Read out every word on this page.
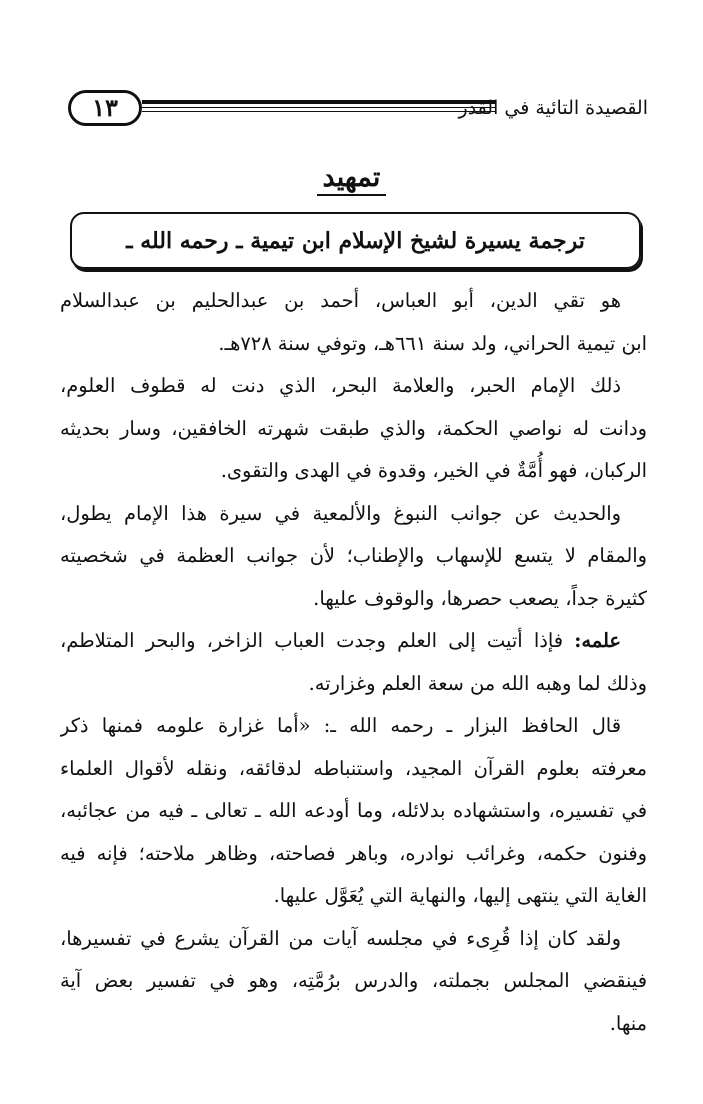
١٣	القصيدة التائية في القدر
تمهيد
ترجمة يسيرة لشيخ الإسلام ابن تيمية ـ رحمه الله ـ
هو تقي الدين، أبو العباس، أحمد بن عبدالحليم بن عبدالسلام
ابن تيمية الحراني، ولد سنة ٦٦١هـ، وتوفي سنة ٧٢٨هـ.
ذلك الإمام الحبر، والعلامة البحر، الذي دنت له قطوف العلوم،
ودانت له نواصي الحكمة، والذي طبقت شهرته الخافقين، وسار بحديثه
الركبان، فهو أُمَّةٌ في الخير، وقدوة في الهدى والتقوى.
والحديث عن جوانب النبوغ والألمعية في سيرة هذا الإمام يطول،
والمقام لا يتسع للإسهاب والإطناب؛ لأن جوانب العظمة في شخصيته
كثيرة جداً، يصعب حصرها، والوقوف عليها.
علمه: فإذا أتيت إلى العلم وجدت العباب الزاخر، والبحر المتلاطم،
وذلك لما وهبه الله من سعة العلم وغزارته.
قال الحافظ البزار ـ رحمه الله ـ: «أما غزارة علومه فمنها ذكر
معرفته بعلوم القرآن المجيد، واستنباطه لدقائقه، ونقله لأقوال العلماء
في تفسيره، واستشهاده بدلائله، وما أودعه الله ـ تعالى ـ فيه من عجائبه،
وفنون حكمه، وغرائب نوادره، وباهر فصاحته، وظاهر ملاحته؛ فإنه فيه
الغاية التي ينتهى إليها، والنهاية التي يُعَوَّل عليها.
ولقد كان إذا قُرِىء في مجلسه آيات من القرآن يشرع في تفسيرها،
فينقضي المجلس بجملته، والدرس برُمَّتِه، وهو في تفسير بعض آية
منها.
